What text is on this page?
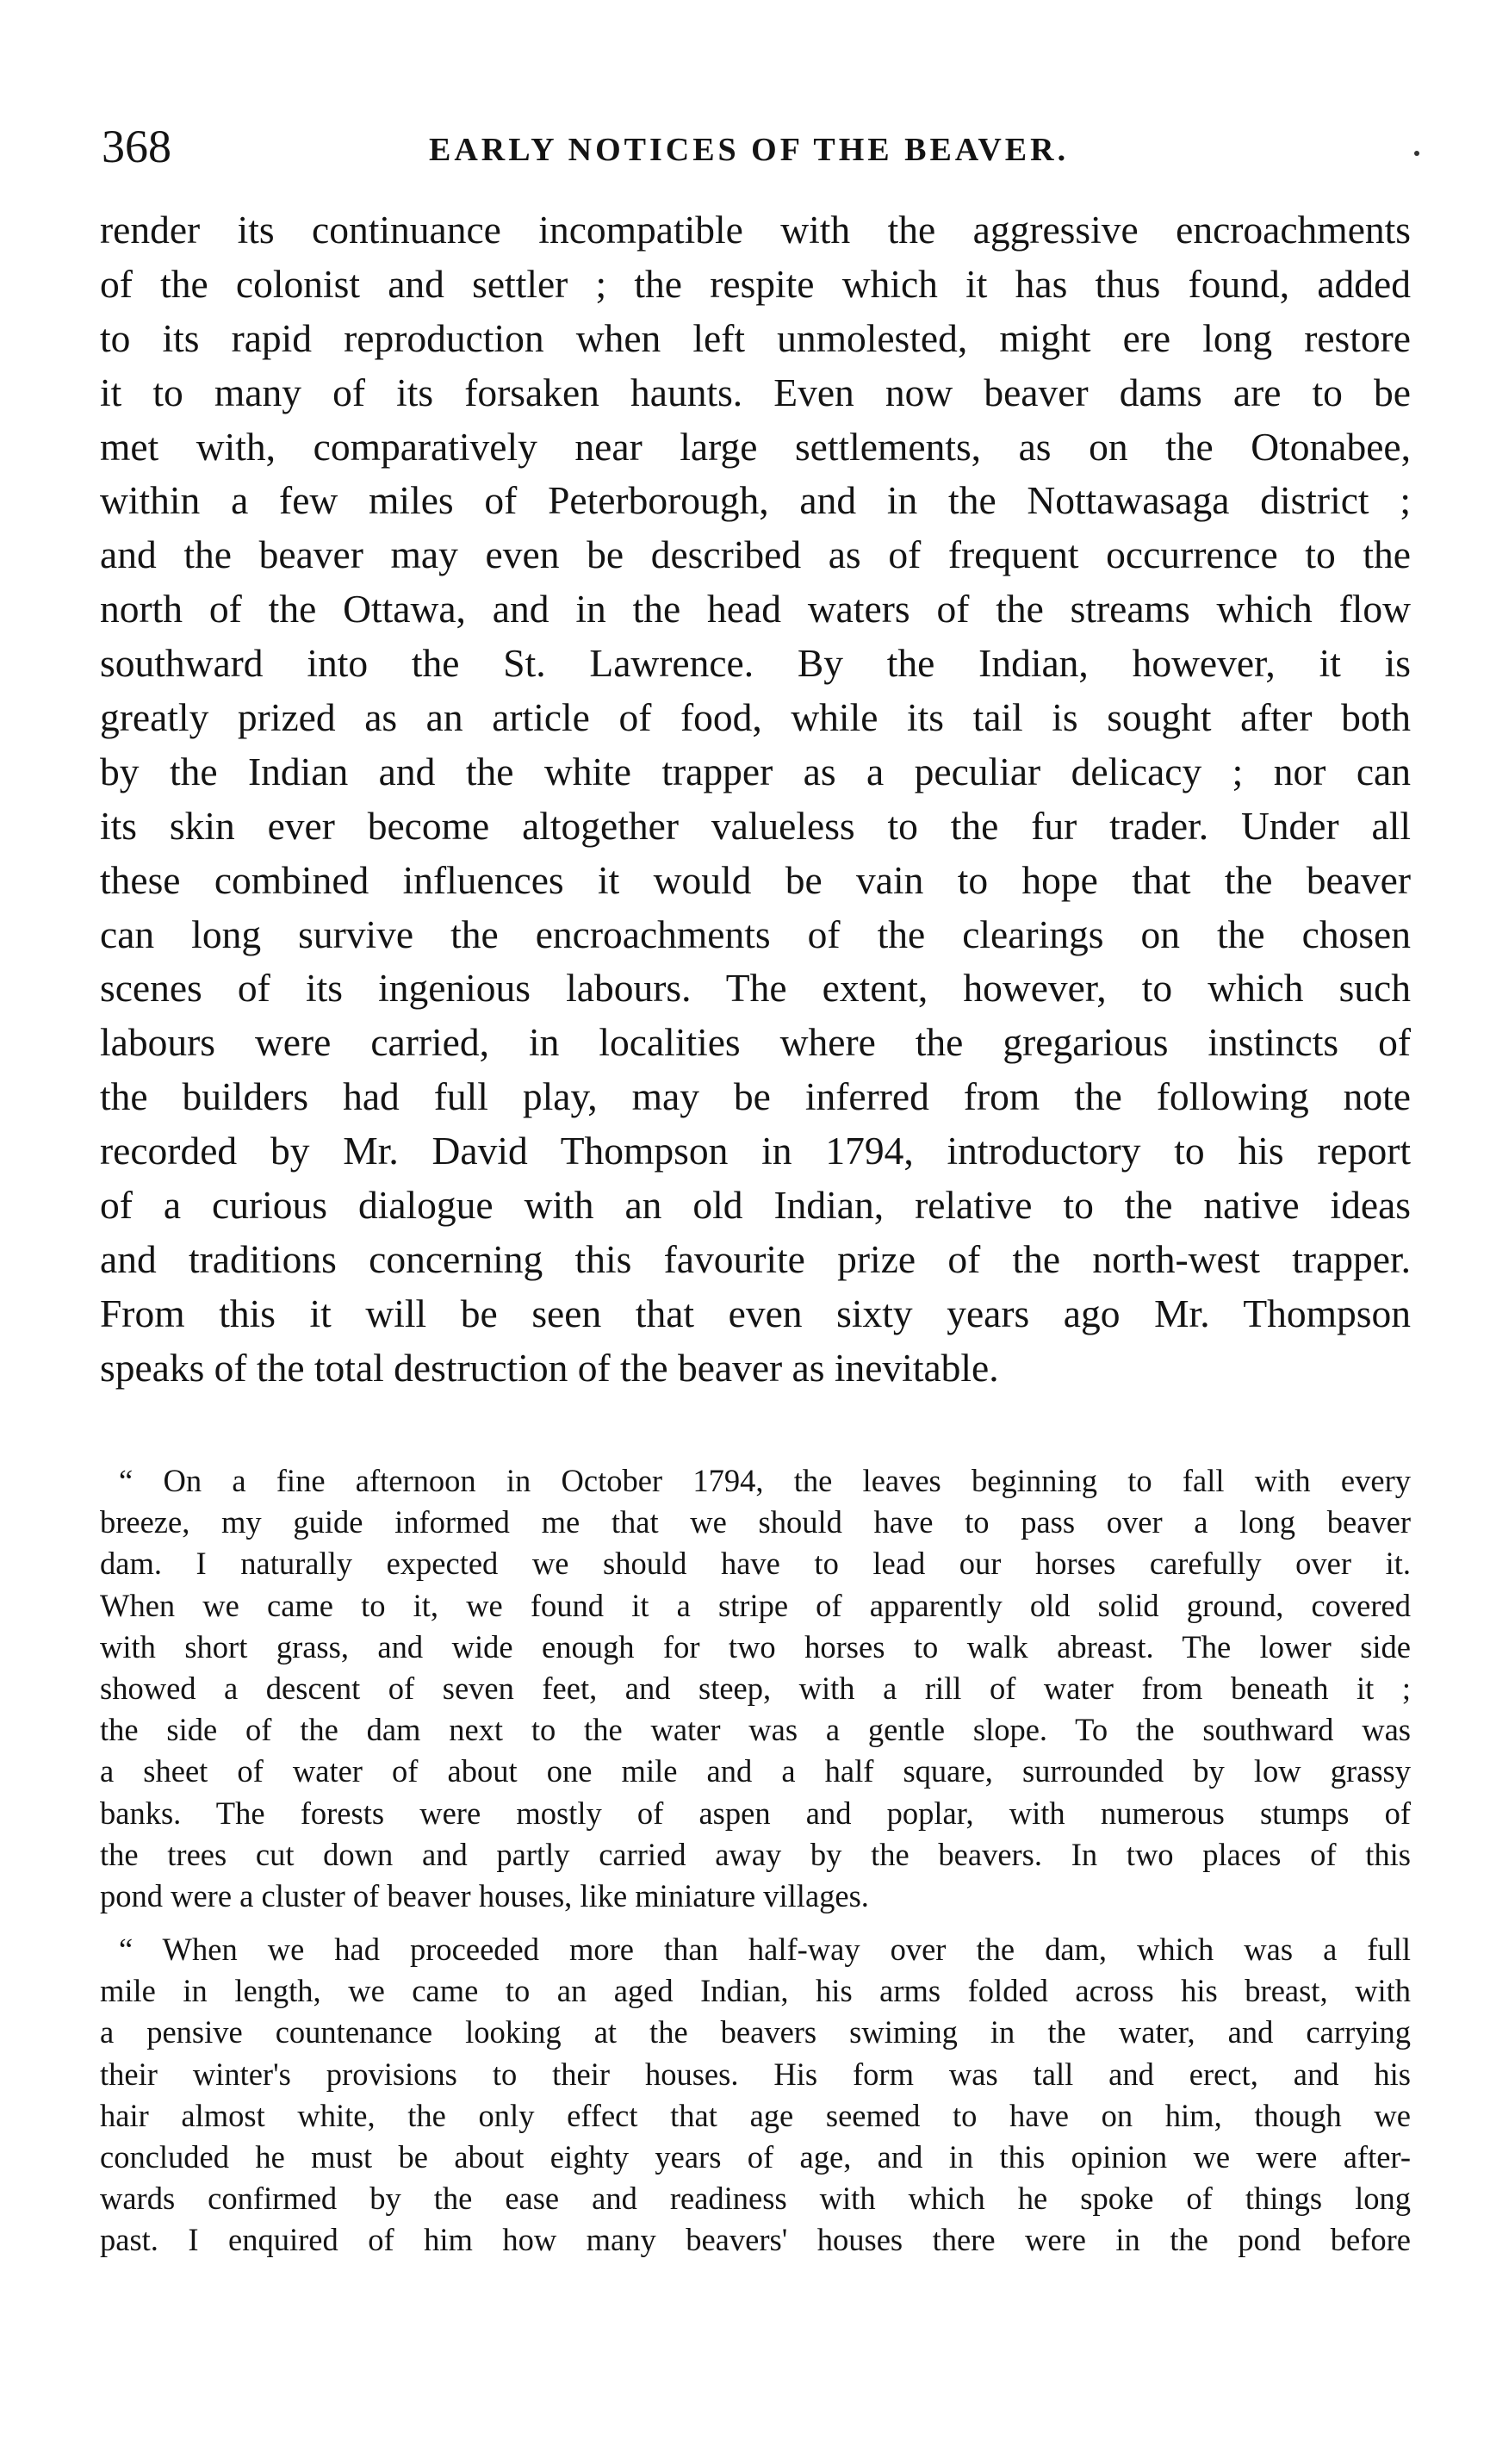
368	EARLY NOTICES OF THE BEAVER.
render its continuance incompatible with the aggressive encroachments
of the colonist and settler ; the respite which it has thus found, added
to its rapid reproduction when left unmolested, might ere long restore
it to many of its forsaken haunts. Even now beaver dams are to be
met with, comparatively near large settlements, as on the Otonabee,
within a few miles of Peterborough, and in the Nottawasaga district ;
and the beaver may even be described as of frequent occurrence to the
north of the Ottawa, and in the head waters of the streams which flow
southward into the St. Lawrence. By the Indian, however, it is
greatly prized as an article of food, while its tail is sought after both
by the Indian and the white trapper as a peculiar delicacy ; nor can
its skin ever become altogether valueless to the fur trader. Under all
these combined influences it would be vain to hope that the beaver
can long survive the encroachments of the clearings on the chosen
scenes of its ingenious labours. The extent, however, to which such
labours were carried, in localities where the gregarious instincts of
the builders had full play, may be inferred from the following note
recorded by Mr. David Thompson in 1794, introductory to his report
of a curious dialogue with an old Indian, relative to the native ideas
and traditions concerning this favourite prize of the north-west trapper.
From this it will be seen that even sixty years ago Mr. Thompson
speaks of the total destruction of the beaver as inevitable.
“ On a fine afternoon in October 1794, the leaves beginning to fall with every
breeze, my guide informed me that we should have to pass over a long beaver
dam. I naturally expected we should have to lead our horses carefully over it.
When we came to it, we found it a stripe of apparently old solid ground, covered
with short grass, and wide enough for two horses to walk abreast. The lower side
showed a descent of seven feet, and steep, with a rill of water from beneath it ;
the side of the dam next to the water was a gentle slope. To the southward was
a sheet of water of about one mile and a half square, surrounded by low grassy
banks. The forests were mostly of aspen and poplar, with numerous stumps of
the trees cut down and partly carried away by the beavers. In two places of this
pond were a cluster of beaver houses, like miniature villages.
“ When we had proceeded more than half-way over the dam, which was a full
mile in length, we came to an aged Indian, his arms folded across his breast, with
a pensive countenance looking at the beavers swiming in the water, and carrying
their winter's provisions to their houses. His form was tall and erect, and his
hair almost white, the only effect that age seemed to have on him, though we
concluded he must be about eighty years of age, and in this opinion we were after-
wards confirmed by the ease and readiness with which he spoke of things long
past. I enquired of him how many beavers' houses there were in the pond before
